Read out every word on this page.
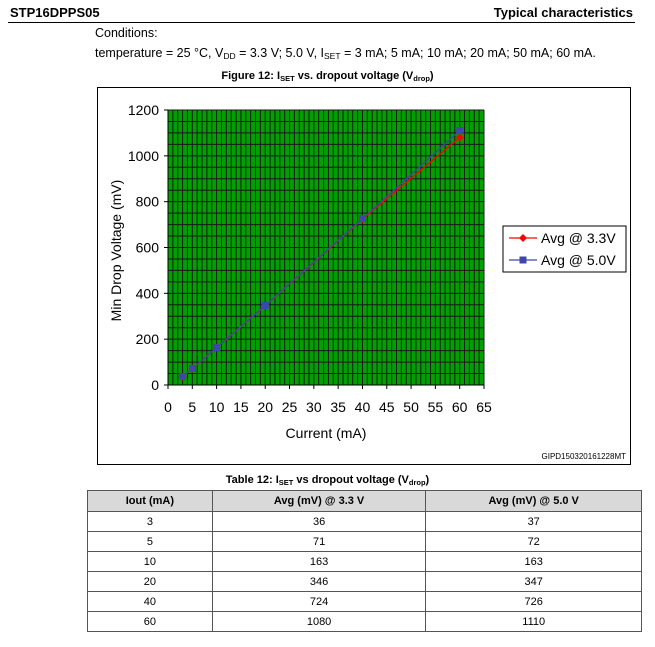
STP16DPPS05	Typical characteristics
Conditions:
temperature = 25 °C, $V_{DD} = 3.3$ V; 5.0 V, $I_{SET} = 3$ mA; 5 mA; 10 mA; 20 mA; 50 mA; 60 mA.
Figure 12: $I_{SET}$ vs. dropout voltage $(V_{drop})$
0 5 10 15 20 25 30 35 40 45 50 55 60 65
0
200
400
600
800
1000
1200
Current (mA)
Min Drop Voltage (mV)	Avg @ 3.3V
Avg @ 5.0V
GIPD150320161228MT
Table 12: $I_{SET}$ vs dropout voltage $(V_{drop})$
Iout (mA)	Avg (mV) @ 3.3 V	Avg (mV) @ 5.0 V
3	36	37
5	71	72
10	163	163
20	346	347
40	724	726
60	1080	1110
